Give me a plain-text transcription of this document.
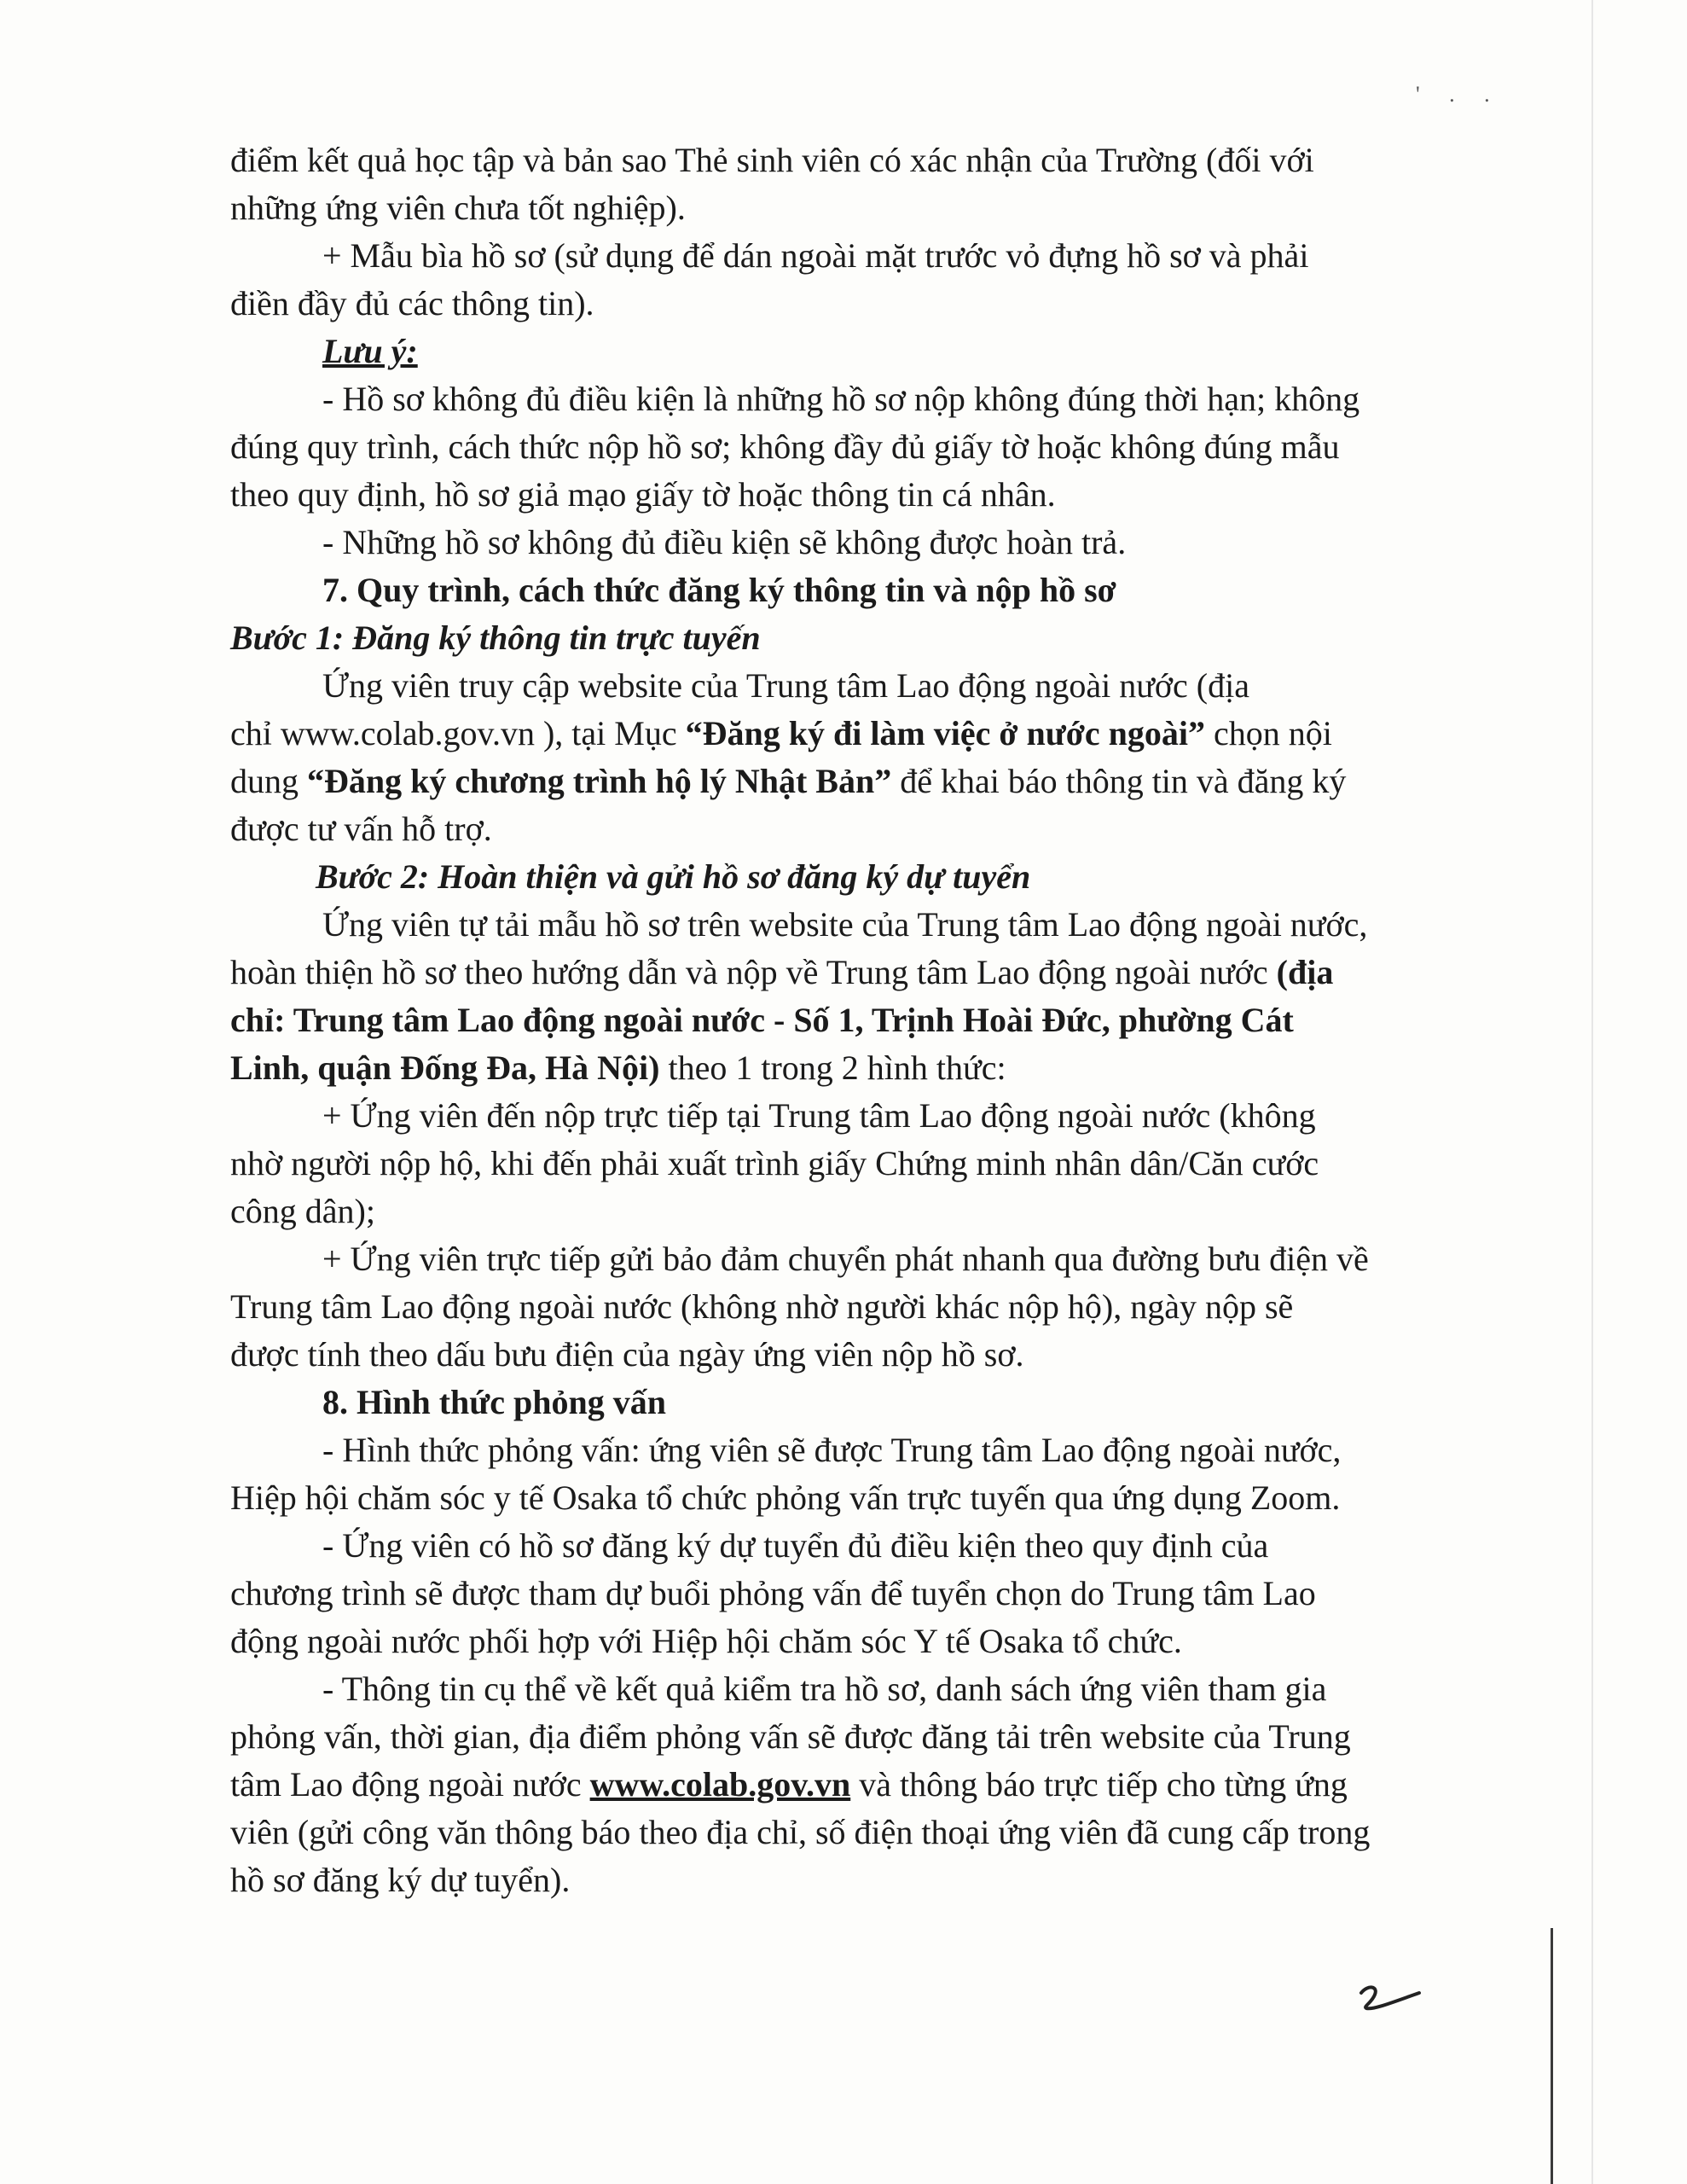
' . .
điểm kết quả học tập và bản sao Thẻ sinh viên có xác nhận của Trường (đối với
những ứng viên chưa tốt nghiệp).
+ Mẫu bìa hồ sơ (sử dụng để dán ngoài mặt trước vỏ đựng hồ sơ và phải
điền đầy đủ các thông tin).
Lưu ý:
- Hồ sơ không đủ điều kiện là những hồ sơ nộp không đúng thời hạn; không
đúng quy trình, cách thức nộp hồ sơ; không đầy đủ giấy tờ hoặc không đúng mẫu
theo quy định, hồ sơ giả mạo giấy tờ hoặc thông tin cá nhân.
- Những hồ sơ không đủ điều kiện sẽ không được hoàn trả.
7. Quy trình, cách thức đăng ký thông tin và nộp hồ sơ
Bước 1: Đăng ký thông tin trực tuyến
Ứng viên truy cập website của Trung tâm Lao động ngoài nước (địa
chỉ www.colab.gov.vn ), tại Mục “Đăng ký đi làm việc ở nước ngoài” chọn nội
dung “Đăng ký chương trình hộ lý Nhật Bản” để khai báo thông tin và đăng ký
được tư vấn hỗ trợ.
Bước 2: Hoàn thiện và gửi hồ sơ đăng ký dự tuyển
Ứng viên tự tải mẫu hồ sơ trên website của Trung tâm Lao động ngoài nước,
hoàn thiện hồ sơ theo hướng dẫn và nộp về Trung tâm Lao động ngoài nước (địa
chỉ: Trung tâm Lao động ngoài nước - Số 1, Trịnh Hoài Đức, phường Cát
Linh, quận Đống Đa, Hà Nội) theo 1 trong 2 hình thức:
+ Ứng viên đến nộp trực tiếp tại Trung tâm Lao động ngoài nước (không
nhờ người nộp hộ, khi đến phải xuất trình giấy Chứng minh nhân dân/Căn cước
công dân);
+ Ứng viên trực tiếp gửi bảo đảm chuyển phát nhanh qua đường bưu điện về
Trung tâm Lao động ngoài nước (không nhờ người khác nộp hộ), ngày nộp sẽ
được tính theo dấu bưu điện của ngày ứng viên nộp hồ sơ.
8. Hình thức phỏng vấn
- Hình thức phỏng vấn: ứng viên sẽ được Trung tâm Lao động ngoài nước,
Hiệp hội chăm sóc y tế Osaka tổ chức phỏng vấn trực tuyến qua ứng dụng Zoom.
- Ứng viên có hồ sơ đăng ký dự tuyển đủ điều kiện theo quy định của
chương trình sẽ được tham dự buổi phỏng vấn để tuyển chọn do Trung tâm Lao
động ngoài nước phối hợp với Hiệp hội chăm sóc Y tế Osaka tổ chức.
- Thông tin cụ thể về kết quả kiểm tra hồ sơ, danh sách ứng viên tham gia
phỏng vấn, thời gian, địa điểm phỏng vấn sẽ được đăng tải trên website của Trung
tâm Lao động ngoài nước www.colab.gov.vn và thông báo trực tiếp cho từng ứng
viên (gửi công văn thông báo theo địa chỉ, số điện thoại ứng viên đã cung cấp trong
hồ sơ đăng ký dự tuyển).
